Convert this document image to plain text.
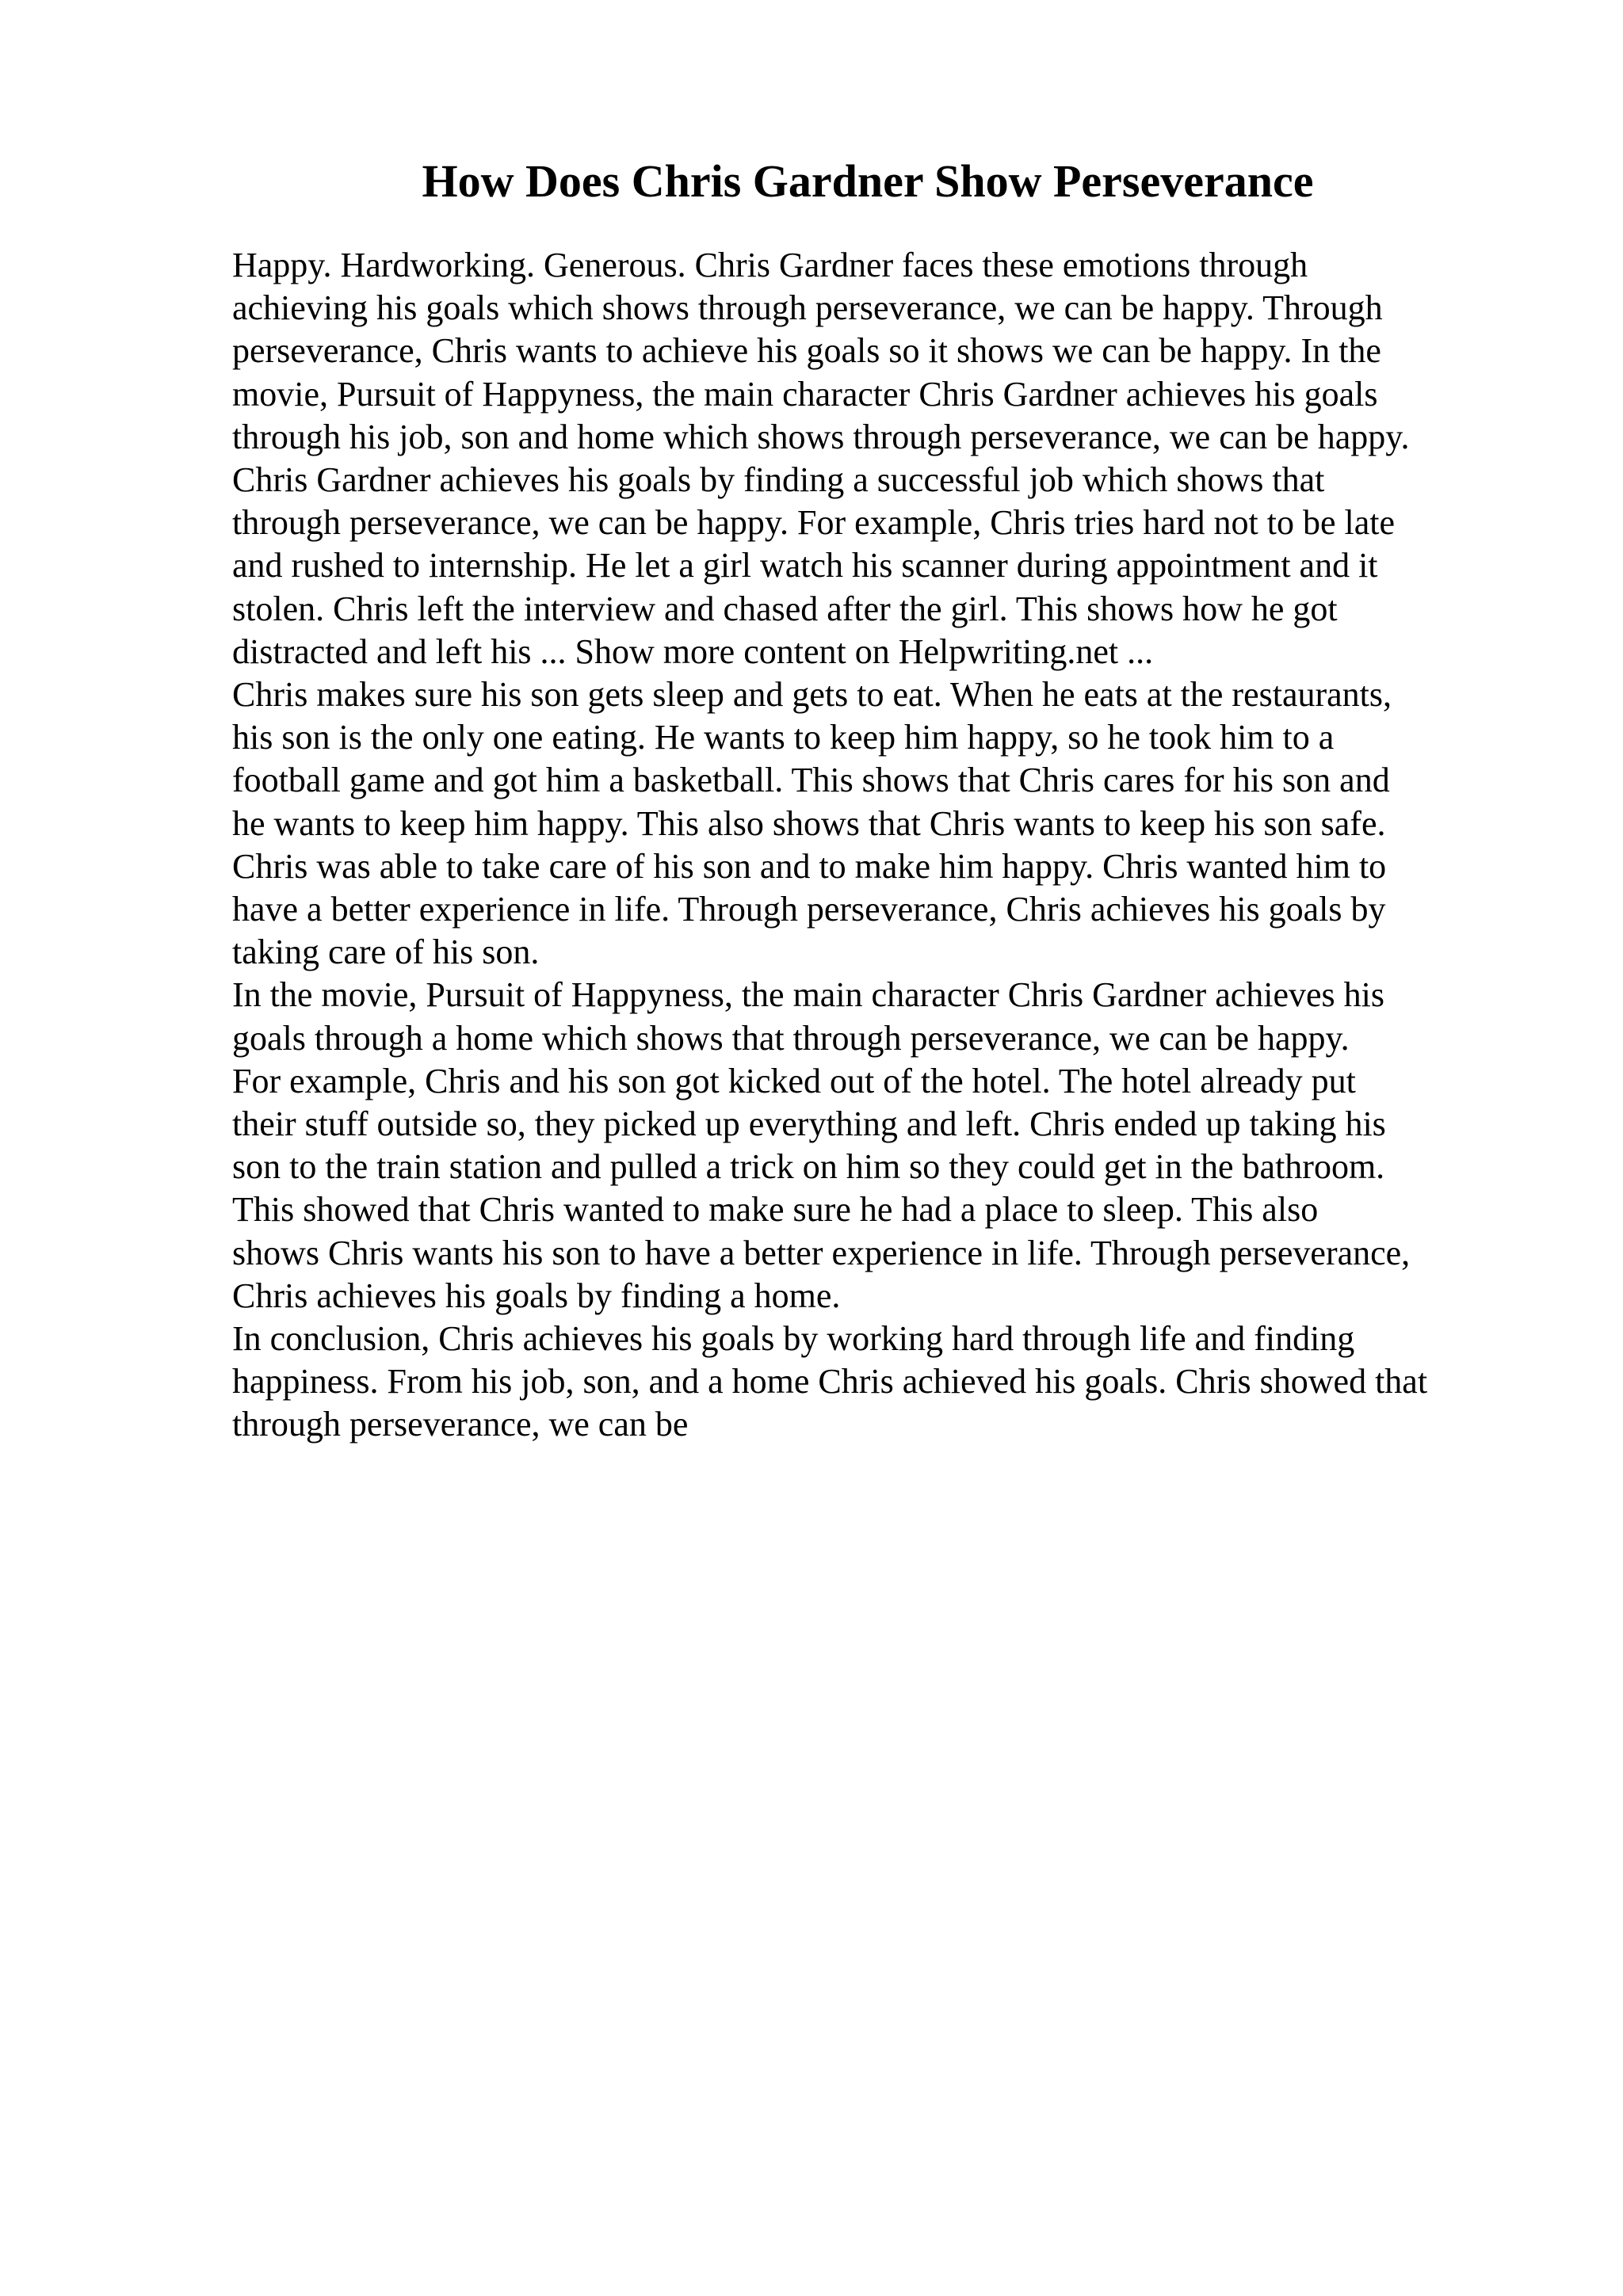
How Does Chris Gardner Show Perseverance
Happy. Hardworking. Generous. Chris Gardner faces these emotions through
achieving his goals which shows through perseverance, we can be happy. Through
perseverance, Chris wants to achieve his goals so it shows we can be happy. In the
movie, Pursuit of Happyness, the main character Chris Gardner achieves his goals
through his job, son and home which shows through perseverance, we can be happy.
Chris Gardner achieves his goals by finding a successful job which shows that
through perseverance, we can be happy. For example, Chris tries hard not to be late
and rushed to internship. He let a girl watch his scanner during appointment and it
stolen. Chris left the interview and chased after the girl. This shows how he got
distracted and left his ... Show more content on Helpwriting.net ...
Chris makes sure his son gets sleep and gets to eat. When he eats at the restaurants,
his son is the only one eating. He wants to keep him happy, so he took him to a
football game and got him a basketball. This shows that Chris cares for his son and
he wants to keep him happy. This also shows that Chris wants to keep his son safe.
Chris was able to take care of his son and to make him happy. Chris wanted him to
have a better experience in life. Through perseverance, Chris achieves his goals by
taking care of his son.
In the movie, Pursuit of Happyness, the main character Chris Gardner achieves his
goals through a home which shows that through perseverance, we can be happy.
For example, Chris and his son got kicked out of the hotel. The hotel already put
their stuff outside so, they picked up everything and left. Chris ended up taking his
son to the train station and pulled a trick on him so they could get in the bathroom.
This showed that Chris wanted to make sure he had a place to sleep. This also
shows Chris wants his son to have a better experience in life. Through perseverance,
Chris achieves his goals by finding a home.
In conclusion, Chris achieves his goals by working hard through life and finding
happiness. From his job, son, and a home Chris achieved his goals. Chris showed that
through perseverance, we can be
